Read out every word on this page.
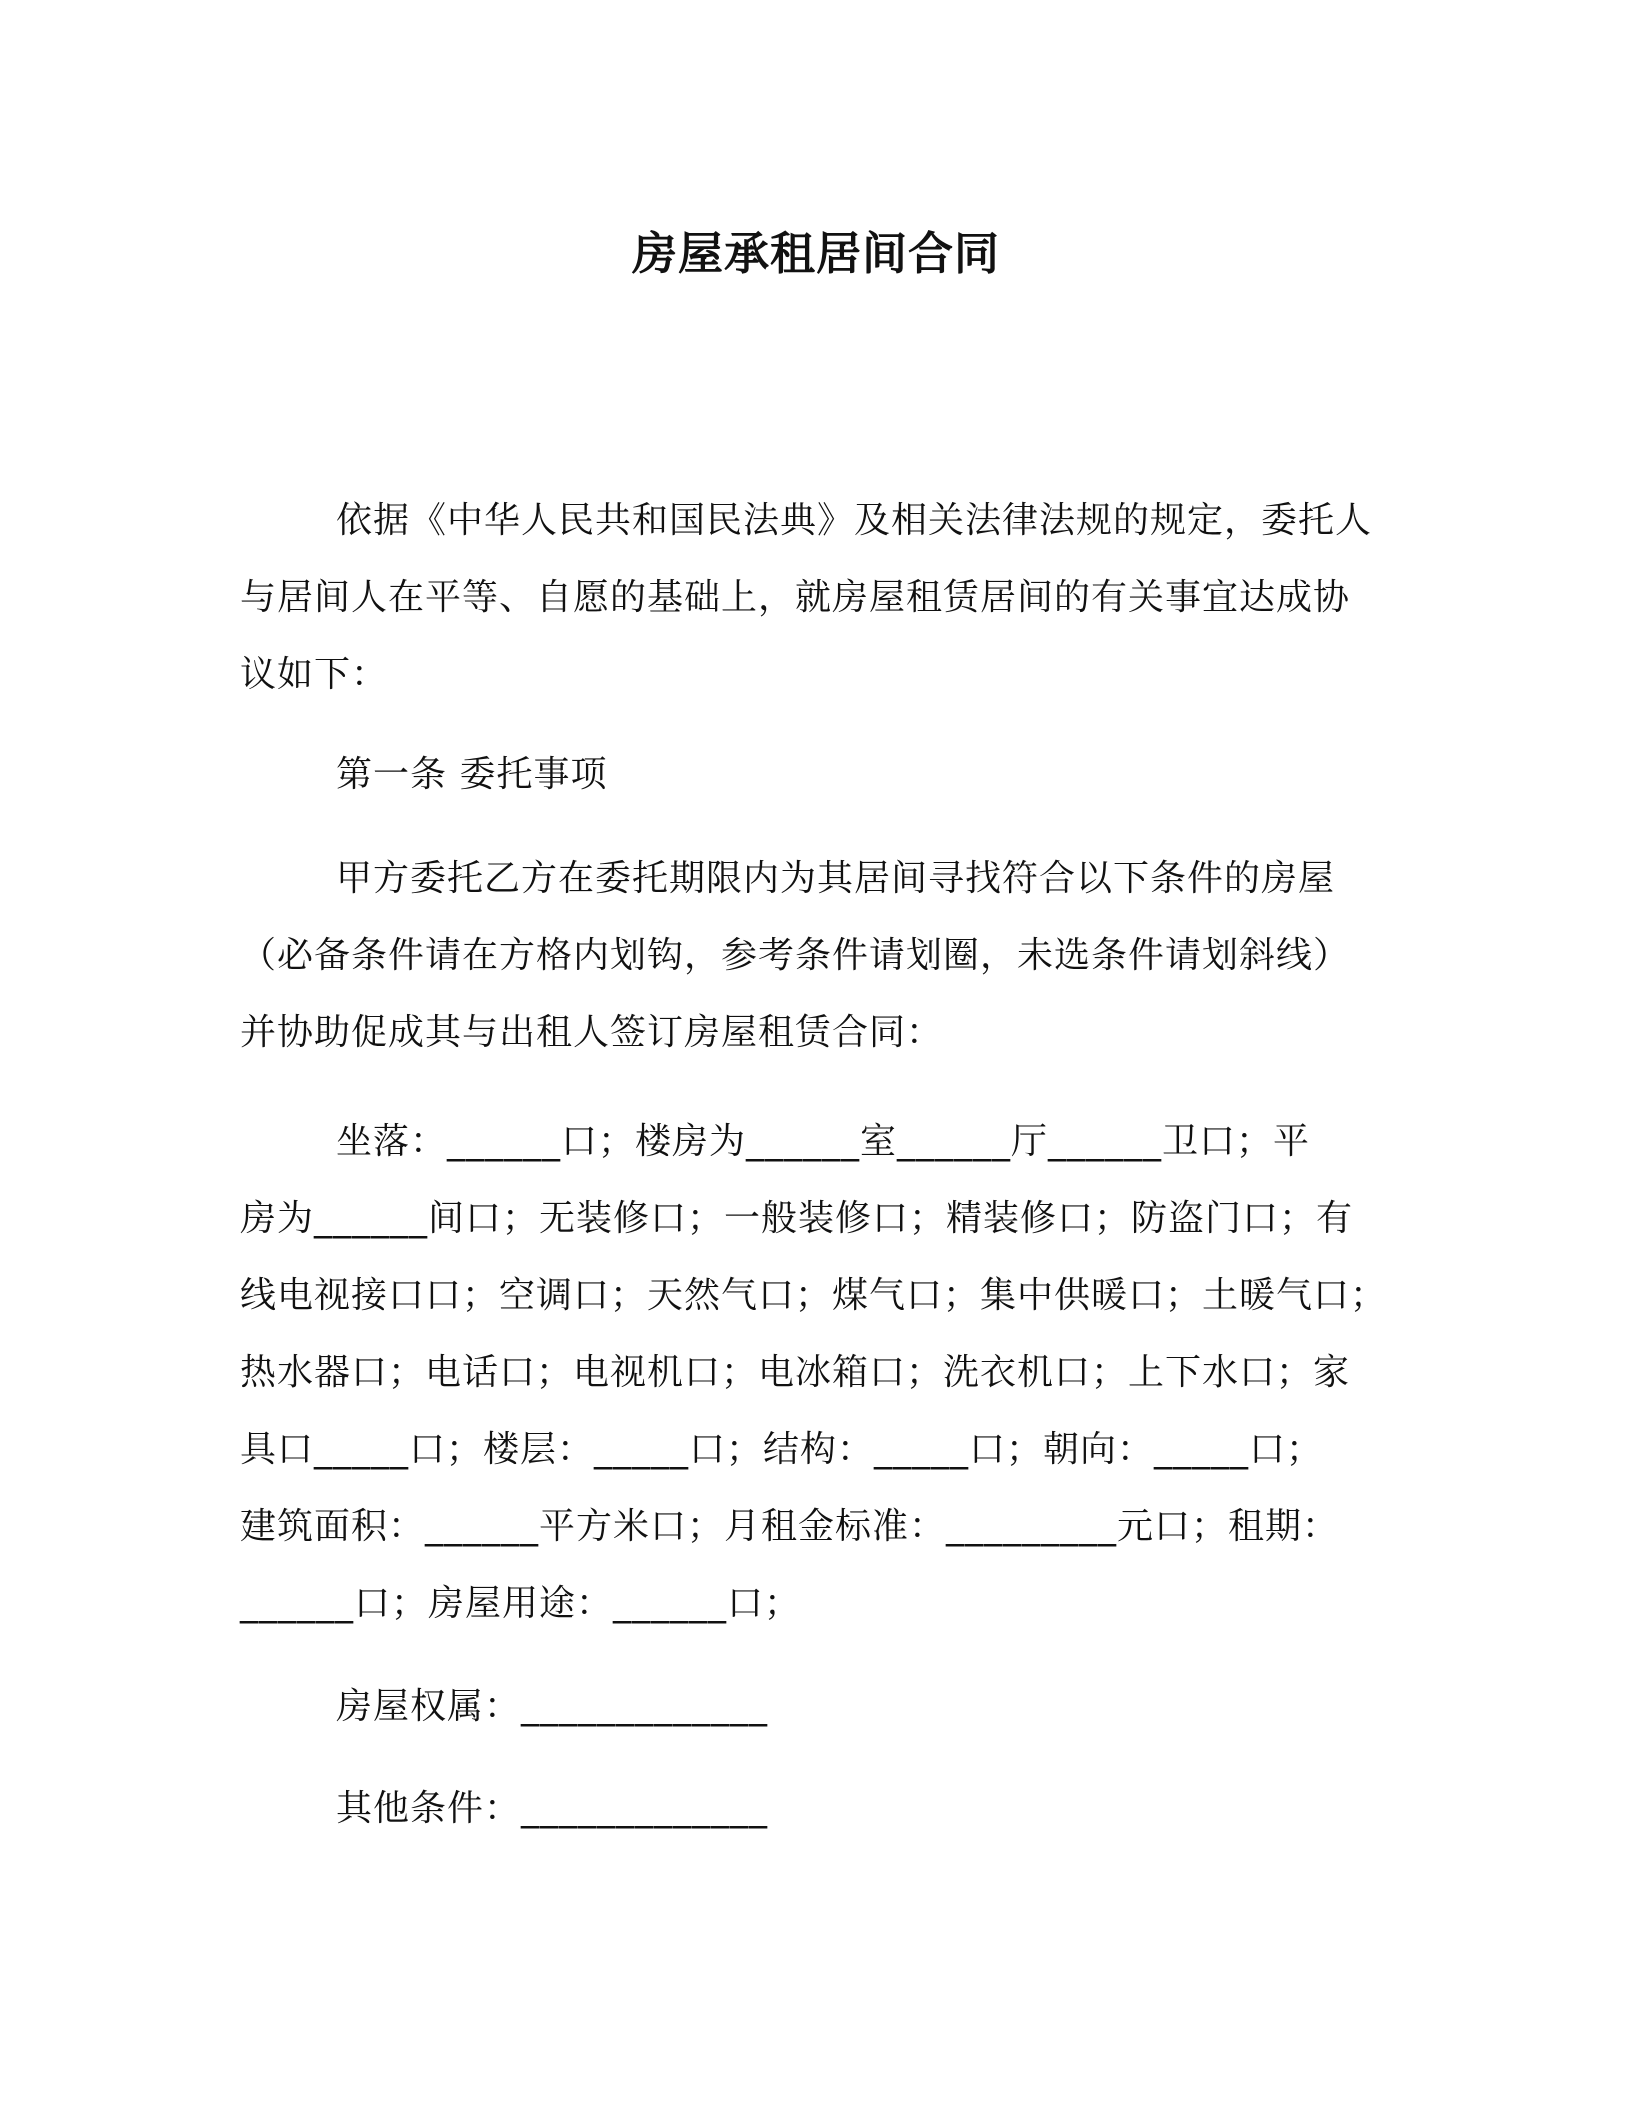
房屋承租居间合同
依据《中华人民共和国民法典》及相关法律法规的规定，委托人
与居间人在平等、自愿的基础上，就房屋租赁居间的有关事宜达成协
议如下：
第一条 委托事项
甲方委托乙方在委托期限内为其居间寻找符合以下条件的房屋
（必备条件请在方格内划钩，参考条件请划圈，未选条件请划斜线）
并协助促成其与出租人签订房屋租赁合同：
坐落：______口；楼房为______室______厅______卫口；平
房为______间口；无装修口；一般装修口；精装修口；防盗门口；有
线电视接口口；空调口；天然气口；煤气口；集中供暖口；土暖气口；
热水器口；电话口；电视机口；电冰箱口；洗衣机口；上下水口；家
具口_____口；楼层：_____口；结构：_____口；朝向：_____口；
建筑面积：______平方米口；月租金标准：_________元口；租期：
______口；房屋用途：______口；
房屋权属：_____________
其他条件：_____________
